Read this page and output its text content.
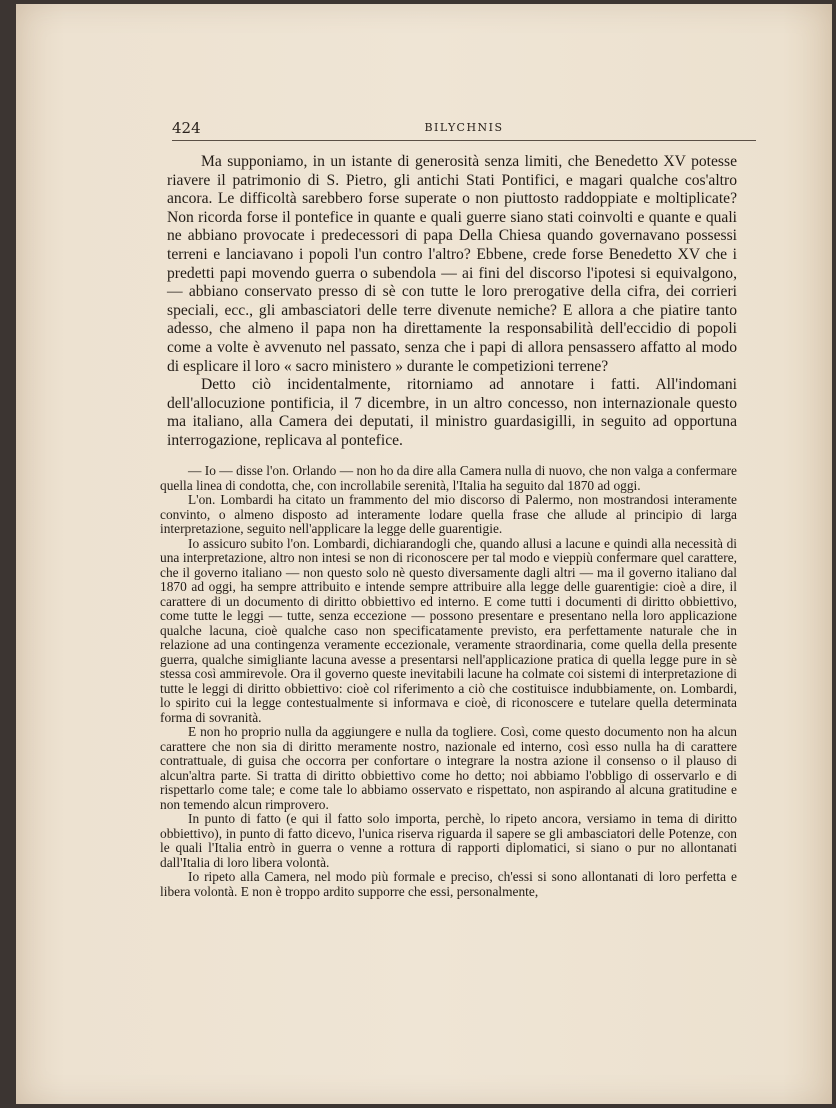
424	BILYCHNIS

Ma supponiamo, in un istante di generosità senza limiti, che Benedetto XV potesse riavere il patrimonio di S. Pietro, gli antichi Stati Pontifici, e magari qualche cos'altro ancora. Le difficoltà sarebbero forse superate o non piuttosto raddoppiate e moltiplicate? Non ricorda forse il pontefice in quante e quali guerre siano stati coinvolti e quante e quali ne abbiano provocate i predecessori di papa Della Chiesa quando governavano possessi terreni e lanciavano i popoli l'un contro l'altro? Ebbene, crede forse Benedetto XV che i predetti papi movendo guerra o subendola — ai fini del discorso l'ipotesi si equivalgono, — abbiano conservato presso di sè con tutte le loro prerogative della cifra, dei corrieri speciali, ecc., gli ambasciatori delle terre divenute nemiche? E allora a che piatire tanto adesso, che almeno il papa non ha direttamente la responsabilità dell'eccidio di popoli come a volte è avvenuto nel passato, senza che i papi di allora pensassero affatto al modo di esplicare il loro « sacro ministero » durante le competizioni terrene?

Detto ciò incidentalmente, ritorniamo ad annotare i fatti. All'indomani dell'allocuzione pontificia, il 7 dicembre, in un altro concesso, non internazionale questo ma italiano, alla Camera dei deputati, il ministro guardasigilli, in seguito ad opportuna interrogazione, replicava al pontefice.

— Io — disse l'on. Orlando — non ho da dire alla Camera nulla di nuovo, che non valga a confermare quella linea di condotta, che, con incrollabile serenità, l'Italia ha seguito dal 1870 ad oggi.

L'on. Lombardi ha citato un frammento del mio discorso di Palermo, non mostrandosi interamente convinto, o almeno disposto ad interamente lodare quella frase che allude al principio di larga interpretazione, seguito nell'applicare la legge delle guarentigie.

Io assicuro subito l'on. Lombardi, dichiarandogli che, quando allusi a lacune e quindi alla necessità di una interpretazione, altro non intesi se non di riconoscere per tal modo e vieppiù confermare quel carattere, che il governo italiano — non questo solo nè questo diversamente dagli altri — ma il governo italiano dal 1870 ad oggi, ha sempre attribuito e intende sempre attribuire alla legge delle guarentigie: cioè a dire, il carattere di un documento di diritto obbiettivo ed interno. E come tutti i documenti di diritto obbiettivo, come tutte le leggi — tutte, senza eccezione — possono presentare e presentano nella loro applicazione qualche lacuna, cioè qualche caso non specificatamente previsto, era perfettamente naturale che in relazione ad una contingenza veramente eccezionale, veramente straordinaria, come quella della presente guerra, qualche simigliante lacuna avesse a presentarsi nell'applicazione pratica di quella legge pure in sè stessa così ammirevole. Ora il governo queste inevitabili lacune ha colmate coi sistemi di interpretazione di tutte le leggi di diritto obbiettivo: cioè col riferimento a ciò che costituisce indubbiamente, on. Lombardi, lo spirito cui la legge contestualmente si informava e cioè, di riconoscere e tutelare quella determinata forma di sovranità.

E non ho proprio nulla da aggiungere e nulla da togliere. Così, come questo documento non ha alcun carattere che non sia di diritto meramente nostro, nazionale ed interno, così esso nulla ha di carattere contrattuale, di guisa che occorra per confortare o integrare la nostra azione il consenso o il plauso di alcun'altra parte. Si tratta di diritto obbiettivo come ho detto; noi abbiamo l'obbligo di osservarlo e di rispettarlo come tale; e come tale lo abbiamo osservato e rispettato, non aspirando al alcuna gratitudine e non temendo alcun rimprovero.

In punto di fatto (e qui il fatto solo importa, perchè, lo ripeto ancora, versiamo in tema di diritto obbiettivo), in punto di fatto dicevo, l'unica riserva riguarda il sapere se gli ambasciatori delle Potenze, con le quali l'Italia entrò in guerra o venne a rottura di rapporti diplomatici, si siano o pur no allontanati dall'Italia di loro libera volontà.

Io ripeto alla Camera, nel modo più formale e preciso, ch'essi si sono allontanati di loro perfetta e libera volontà. E non è troppo ardito supporre che essi, personalmente,
